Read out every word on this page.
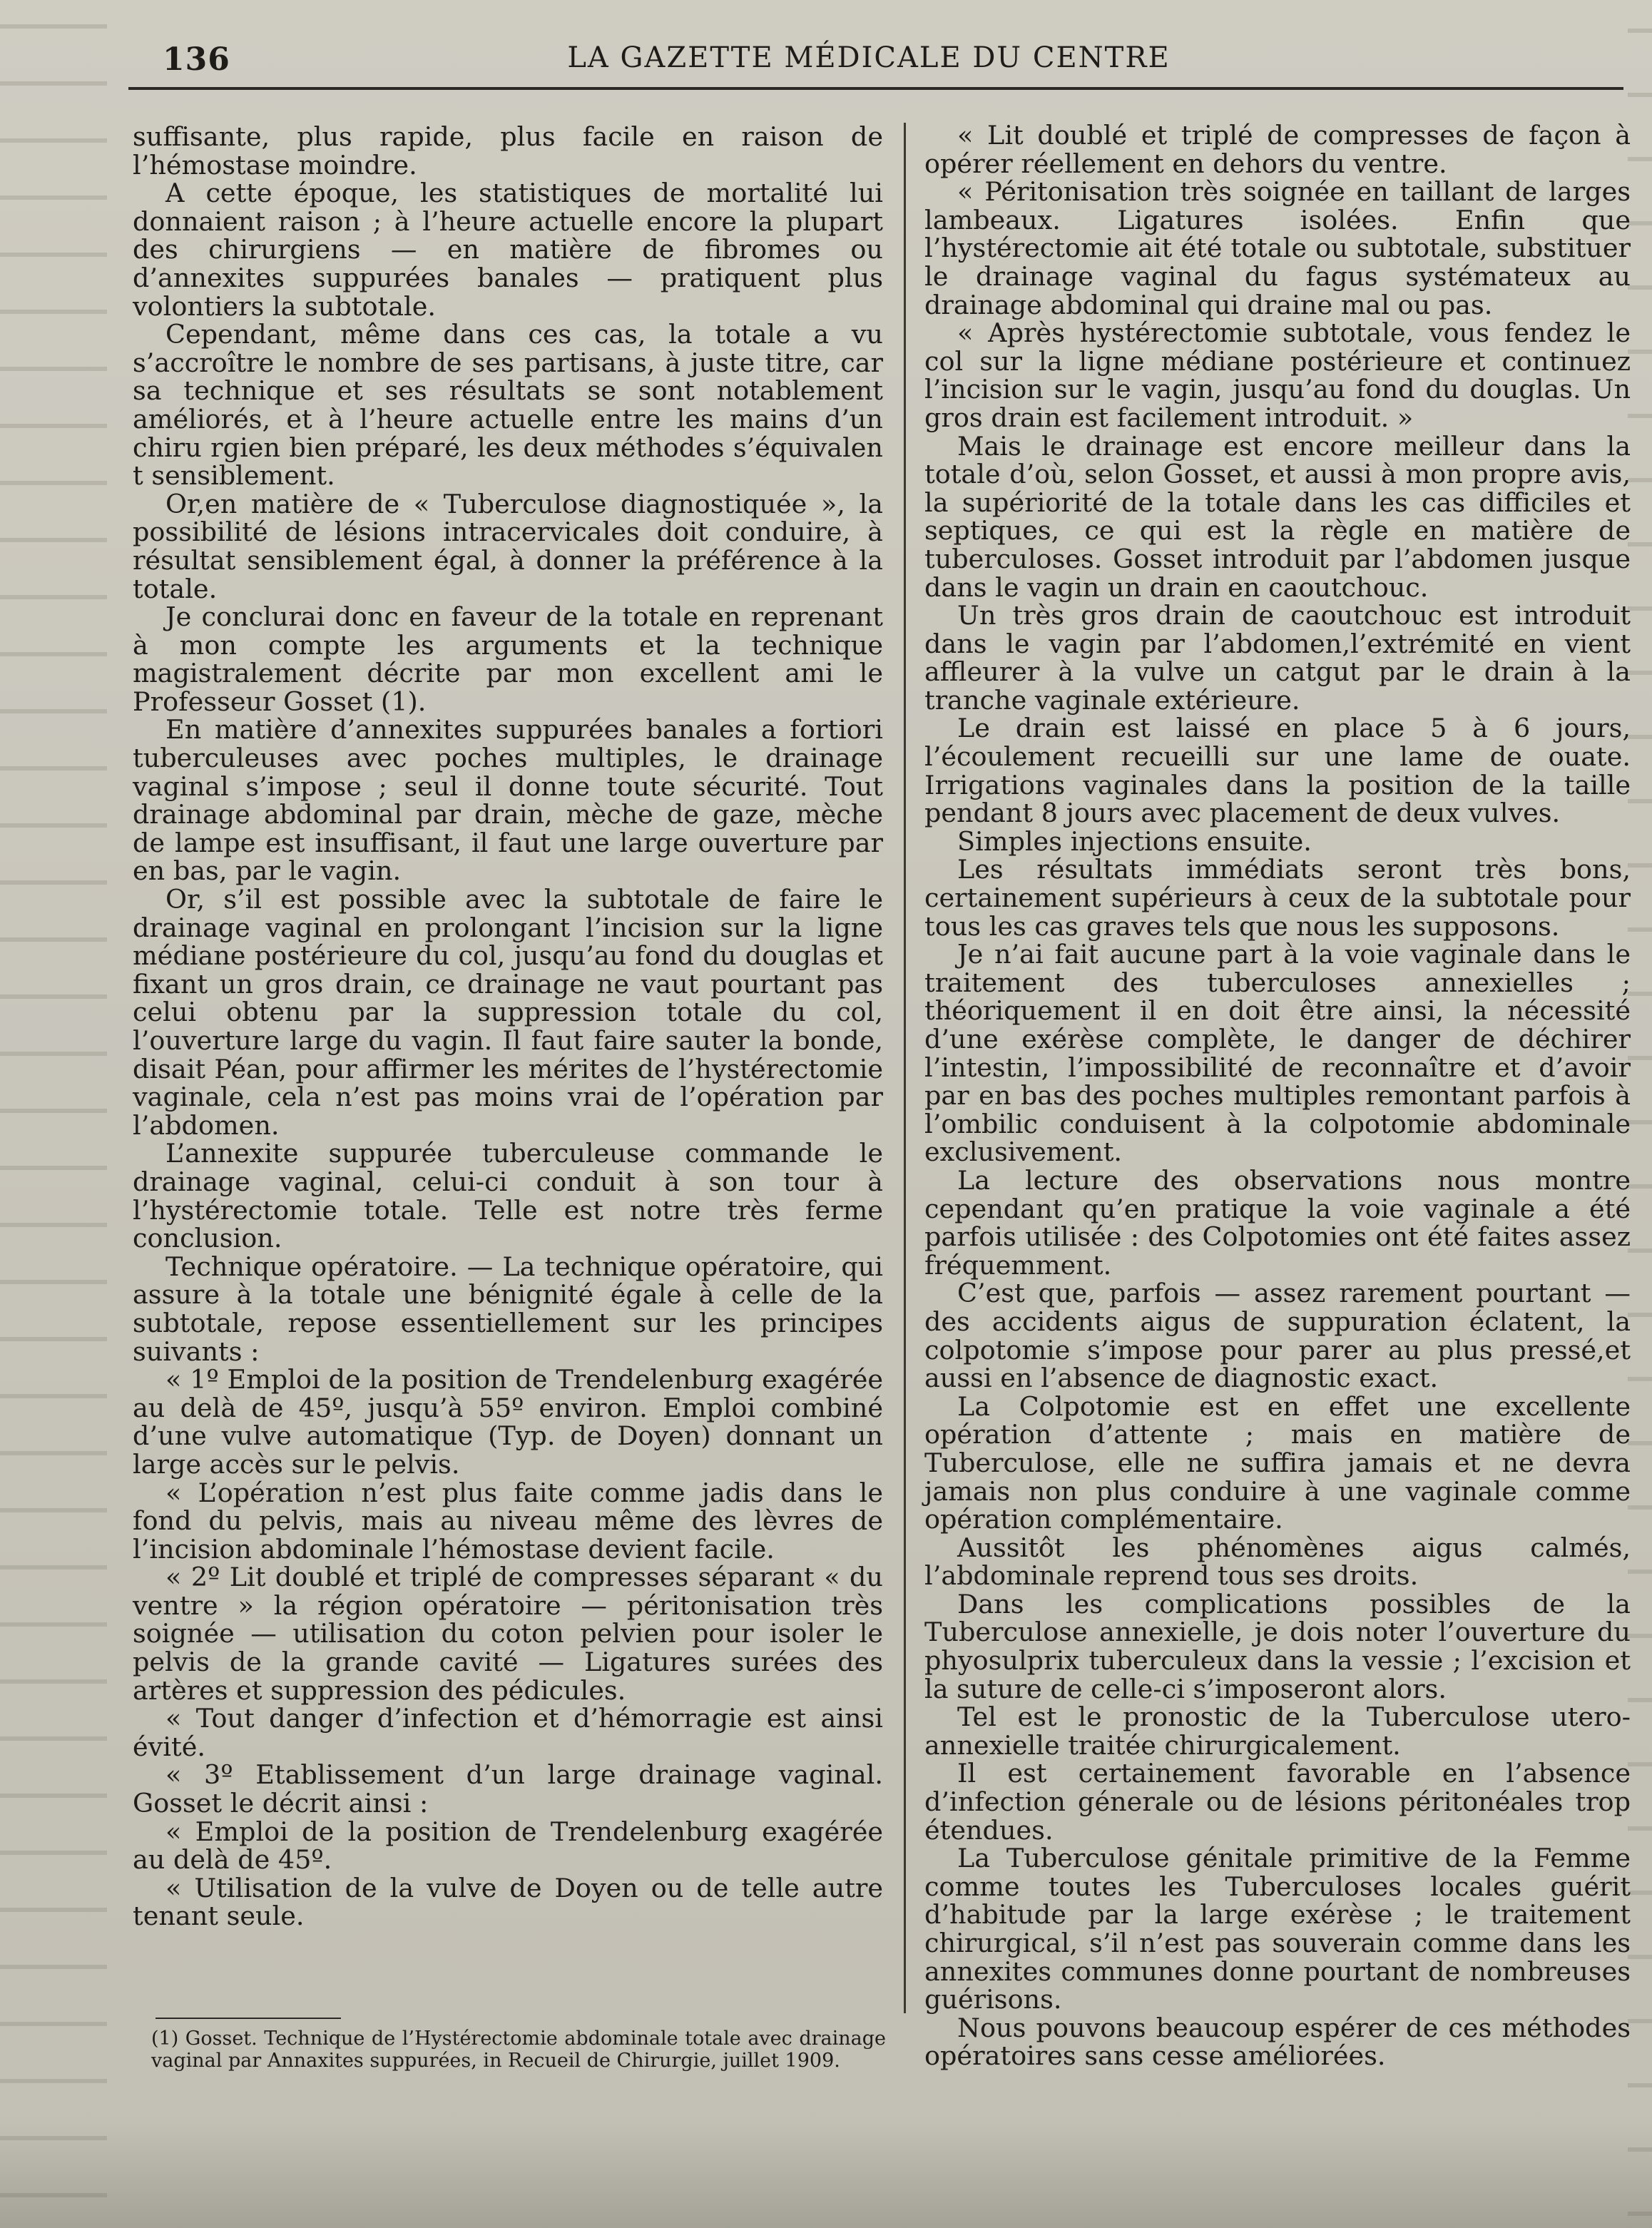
136	LA GAZETTE MÉDICALE DU CENTRE

suffisante, plus rapide, plus facile en raison de l’hémostase moindre.

A cette époque, les statistiques de mortalité lui donnaient raison ; à l’heure actuelle encore la plupart des chirurgiens — en matière de fibromes ou d’annexites suppurées banales — pratiquent plus volontiers la subtotale.

Cependant, même dans ces cas, la totale a vu s’accroître le nombre de ses partisans, à juste titre, car sa technique et ses résultats se sont notablement améliorés, et à l’heure actuelle entre les mains d’un chiru rgien bien préparé, les deux méthodes s’équivalen t sensiblement.

Or,en matière de « Tuberculose diagnostiquée », la possibilité de lésions intracervicales doit conduire, à résultat sensiblement égal, à donner la préférence à la totale.

Je conclurai donc en faveur de la totale en reprenant à mon compte les arguments et la technique magistralement décrite par mon excellent ami le Professeur Gosset (1).

En matière d’annexites suppurées banales a fortiori tuberculeuses avec poches multiples, le drainage vaginal s’impose ; seul il donne toute sécurité. Tout drainage abdominal par drain, mèche de gaze, mèche de lampe est insuffisant, il faut une large ouverture par en bas, par le vagin.

Or, s’il est possible avec la subtotale de faire le drainage vaginal en prolongant l’incision sur la ligne médiane postérieure du col, jusqu’au fond du douglas et fixant un gros drain, ce drainage ne vaut pourtant pas celui obtenu par la suppression totale du col, l’ouverture large du vagin. Il faut faire sauter la bonde, disait Péan, pour affirmer les mérites de l’hystérectomie vaginale, cela n’est pas moins vrai de l’opération par l’abdomen.

L’annexite suppurée tuberculeuse commande le drainage vaginal, celui-ci conduit à son tour à l’hystérectomie totale. Telle est notre très ferme conclusion.

Technique opératoire. — La technique opératoire, qui assure à la totale une bénignité égale à celle de la subtotale, repose essentiellement sur les principes suivants :

« 1º Emploi de la position de Trendelenburg exagérée au delà de 45º, jusqu’à 55º environ. Emploi combiné d’une vulve automatique (Typ. de Doyen) donnant un large accès sur le pelvis.

« L’opération n’est plus faite comme jadis dans le fond du pelvis, mais au niveau même des lèvres de l’incision abdominale l’hémostase devient facile.

« 2º Lit doublé et triplé de compresses séparant « du ventre » la région opératoire — péritonisation très soignée — utilisation du coton pelvien pour isoler le pelvis de la grande cavité — Ligatures surées des artères et suppression des pédicules.

« Tout danger d’infection et d’hémorragie est ainsi évité.

« 3º Etablissement d’un large drainage vaginal. Gosset le décrit ainsi :

« Emploi de la position de Trendelenburg exagérée au delà de 45º.

« Utilisation de la vulve de Doyen ou de telle autre tenant seule.

« Lit doublé et triplé de compresses de façon à opérer réellement en dehors du ventre.

« Péritonisation très soignée en taillant de larges lambeaux. Ligatures isolées. Enfin que l’hystérectomie ait été totale ou subtotale, substituer le drainage vaginal du fagus systémateux au drainage abdominal qui draine mal ou pas.

« Après hystérectomie subtotale, vous fendez le col sur la ligne médiane postérieure et continuez l’incision sur le vagin, jusqu’au fond du douglas. Un gros drain est facilement introduit. »

Mais le drainage est encore meilleur dans la totale d’où, selon Gosset, et aussi à mon propre avis, la supériorité de la totale dans les cas difficiles et septiques, ce qui est la règle en matière de tuberculoses. Gosset introduit par l’abdomen jusque dans le vagin un drain en caoutchouc.

Un très gros drain de caoutchouc est introduit dans le vagin par l’abdomen,l’extrémité en vient affleurer à la vulve un catgut par le drain à la tranche vaginale extérieure.

Le drain est laissé en place 5 à 6 jours, l’écoulement recueilli sur une lame de ouate. Irrigations vaginales dans la position de la taille pendant 8 jours avec placement de deux vulves.

Simples injections ensuite.

Les résultats immédiats seront très bons, certainement supérieurs à ceux de la subtotale pour tous les cas graves tels que nous les supposons.

Je n’ai fait aucune part à la voie vaginale dans le traitement des tuberculoses annexielles ; théoriquement il en doit être ainsi, la nécessité d’une exérèse complète, le danger de déchirer l’intestin, l’impossibilité de reconnaître et d’avoir par en bas des poches multiples remontant parfois à l’ombilic conduisent à la colpotomie abdominale exclusivement.

La lecture des observations nous montre cependant qu’en pratique la voie vaginale a été parfois utilisée : des Colpotomies ont été faites assez fréquemment.

C’est que, parfois — assez rarement pourtant — des accidents aigus de suppuration éclatent, la colpotomie s’impose pour parer au plus pressé,et aussi en l’absence de diagnostic exact.

La Colpotomie est en effet une excellente opération d’attente ; mais en matière de Tuberculose, elle ne suffira jamais et ne devra jamais non plus conduire à une vaginale comme opération complémentaire.

Aussitôt les phénomènes aigus calmés, l’abdominale reprend tous ses droits.

Dans les complications possibles de la Tuberculose annexielle, je dois noter l’ouverture du phyosulprix tuberculeux dans la vessie ; l’excision et la suture de celle-ci s’imposeront alors.

Tel est le pronostic de la Tuberculose utero-annexielle traitée chirurgicalement.

Il est certainement favorable en l’absence d’infection génerale ou de lésions péritonéales trop étendues.

La Tuberculose génitale primitive de la Femme comme toutes les Tuberculoses locales guérit d’habitude par la large exérèse ; le traitement chirurgical, s’il n’est pas souverain comme dans les annexites communes donne pourtant de nombreuses guérisons.

Nous pouvons beaucoup espérer de ces méthodes opératoires sans cesse améliorées.

(1) Gosset. Technique de l’Hystérectomie abdominale totale avec drainage vaginal par Annaxites suppurées, in Recueil de Chirurgie, juillet 1909.
